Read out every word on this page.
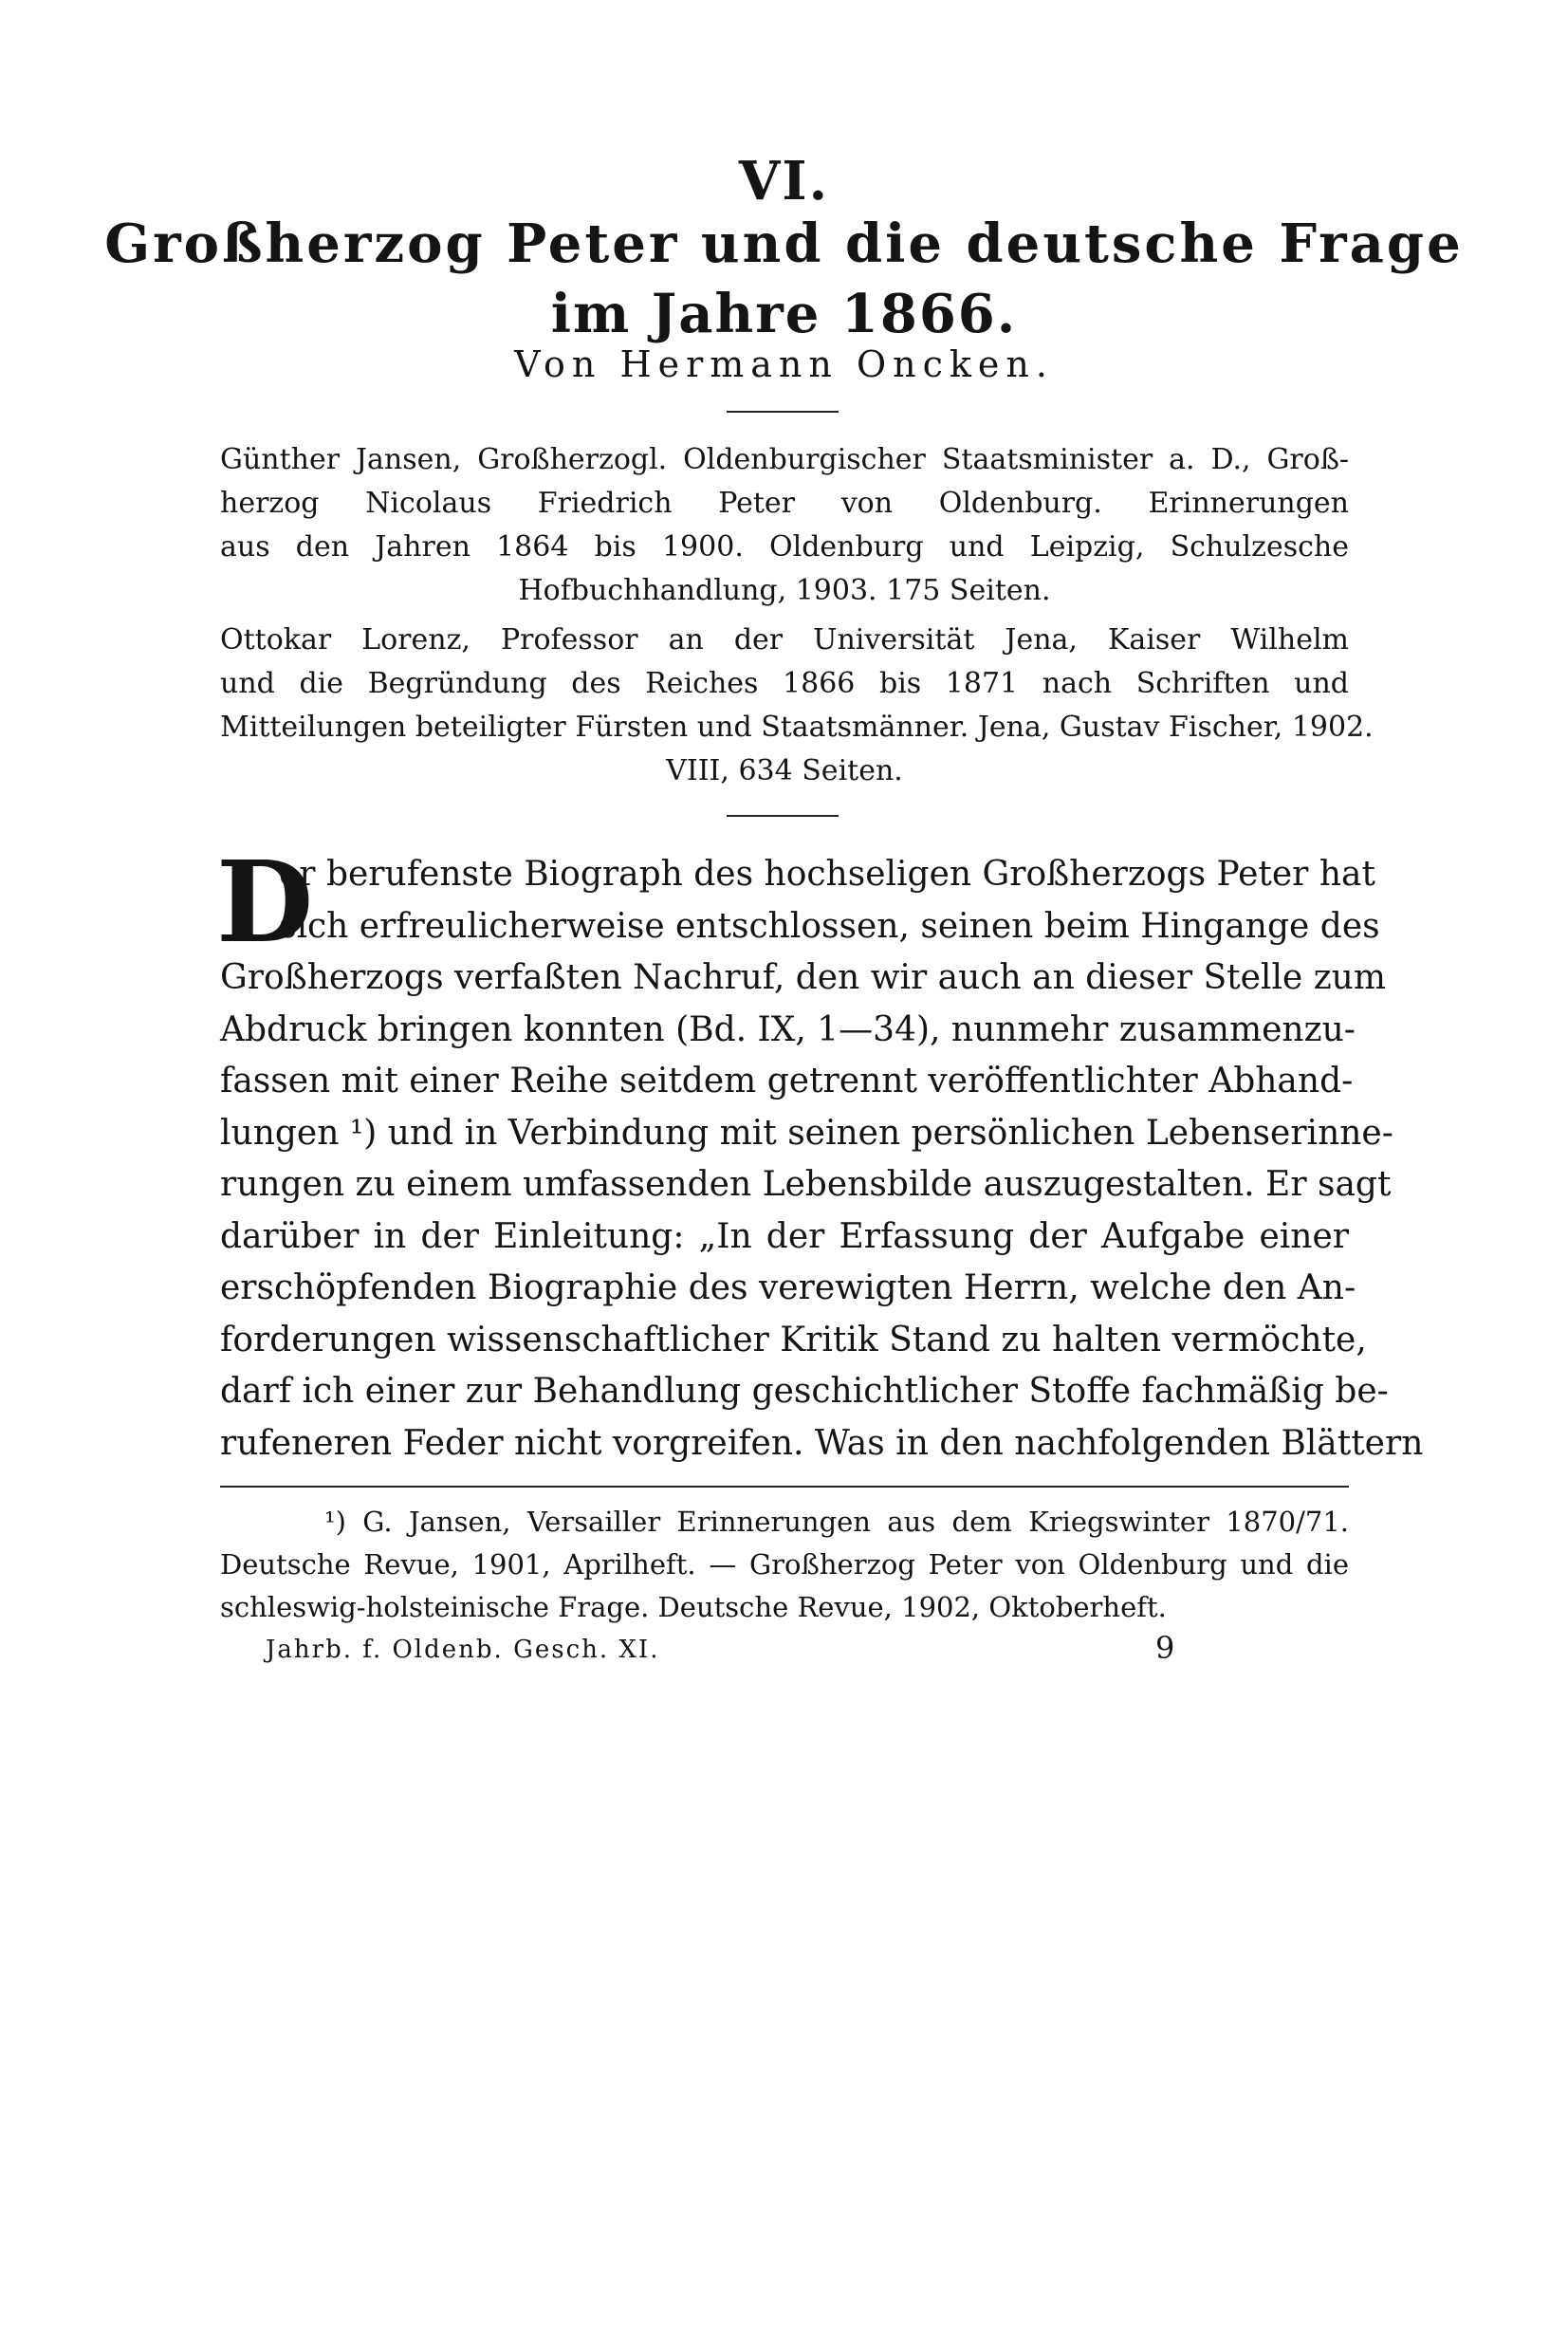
VI.
Großherzog Peter und die deutsche Frage
im Jahre 1866.
Von Hermann Oncken.
Günther Jansen, Großherzogl. Oldenburgischer Staatsminister a. D., Groß-
herzog Nicolaus Friedrich Peter von Oldenburg. Erinnerungen
aus den Jahren 1864 bis 1900. Oldenburg und Leipzig, Schulzesche
Hofbuchhandlung, 1903. 175 Seiten.
Ottokar Lorenz, Professor an der Universität Jena, Kaiser Wilhelm
und die Begründung des Reiches 1866 bis 1871 nach Schriften und
Mitteilungen beteiligter Fürsten und Staatsmänner. Jena, Gustav Fischer, 1902.
VIII, 634 Seiten.
D
er berufenste Biograph des hochseligen Großherzogs Peter hat
sich erfreulicherweise entschlossen, seinen beim Hingange des
Großherzogs verfaßten Nachruf, den wir auch an dieser Stelle zum
Abdruck bringen konnten (Bd. IX, 1—34), nunmehr zusammenzu-
fassen mit einer Reihe seitdem getrennt veröffentlichter Abhand-
lungen ¹) und in Verbindung mit seinen persönlichen Lebenserinne-
rungen zu einem umfassenden Lebensbilde auszugestalten. Er sagt
darüber in der Einleitung: „In der Erfassung der Aufgabe einer
erschöpfenden Biographie des verewigten Herrn, welche den An-
forderungen wissenschaftlicher Kritik Stand zu halten vermöchte,
darf ich einer zur Behandlung geschichtlicher Stoffe fachmäßig be-
rufeneren Feder nicht vorgreifen. Was in den nachfolgenden Blättern
¹) G. Jansen, Versailler Erinnerungen aus dem Kriegswinter 1870/71.
Deutsche Revue, 1901, Aprilheft. — Großherzog Peter von Oldenburg und die
schleswig-holsteinische Frage. Deutsche Revue, 1902, Oktoberheft.
Jahrb. f. Oldenb. Gesch. XI.	9
